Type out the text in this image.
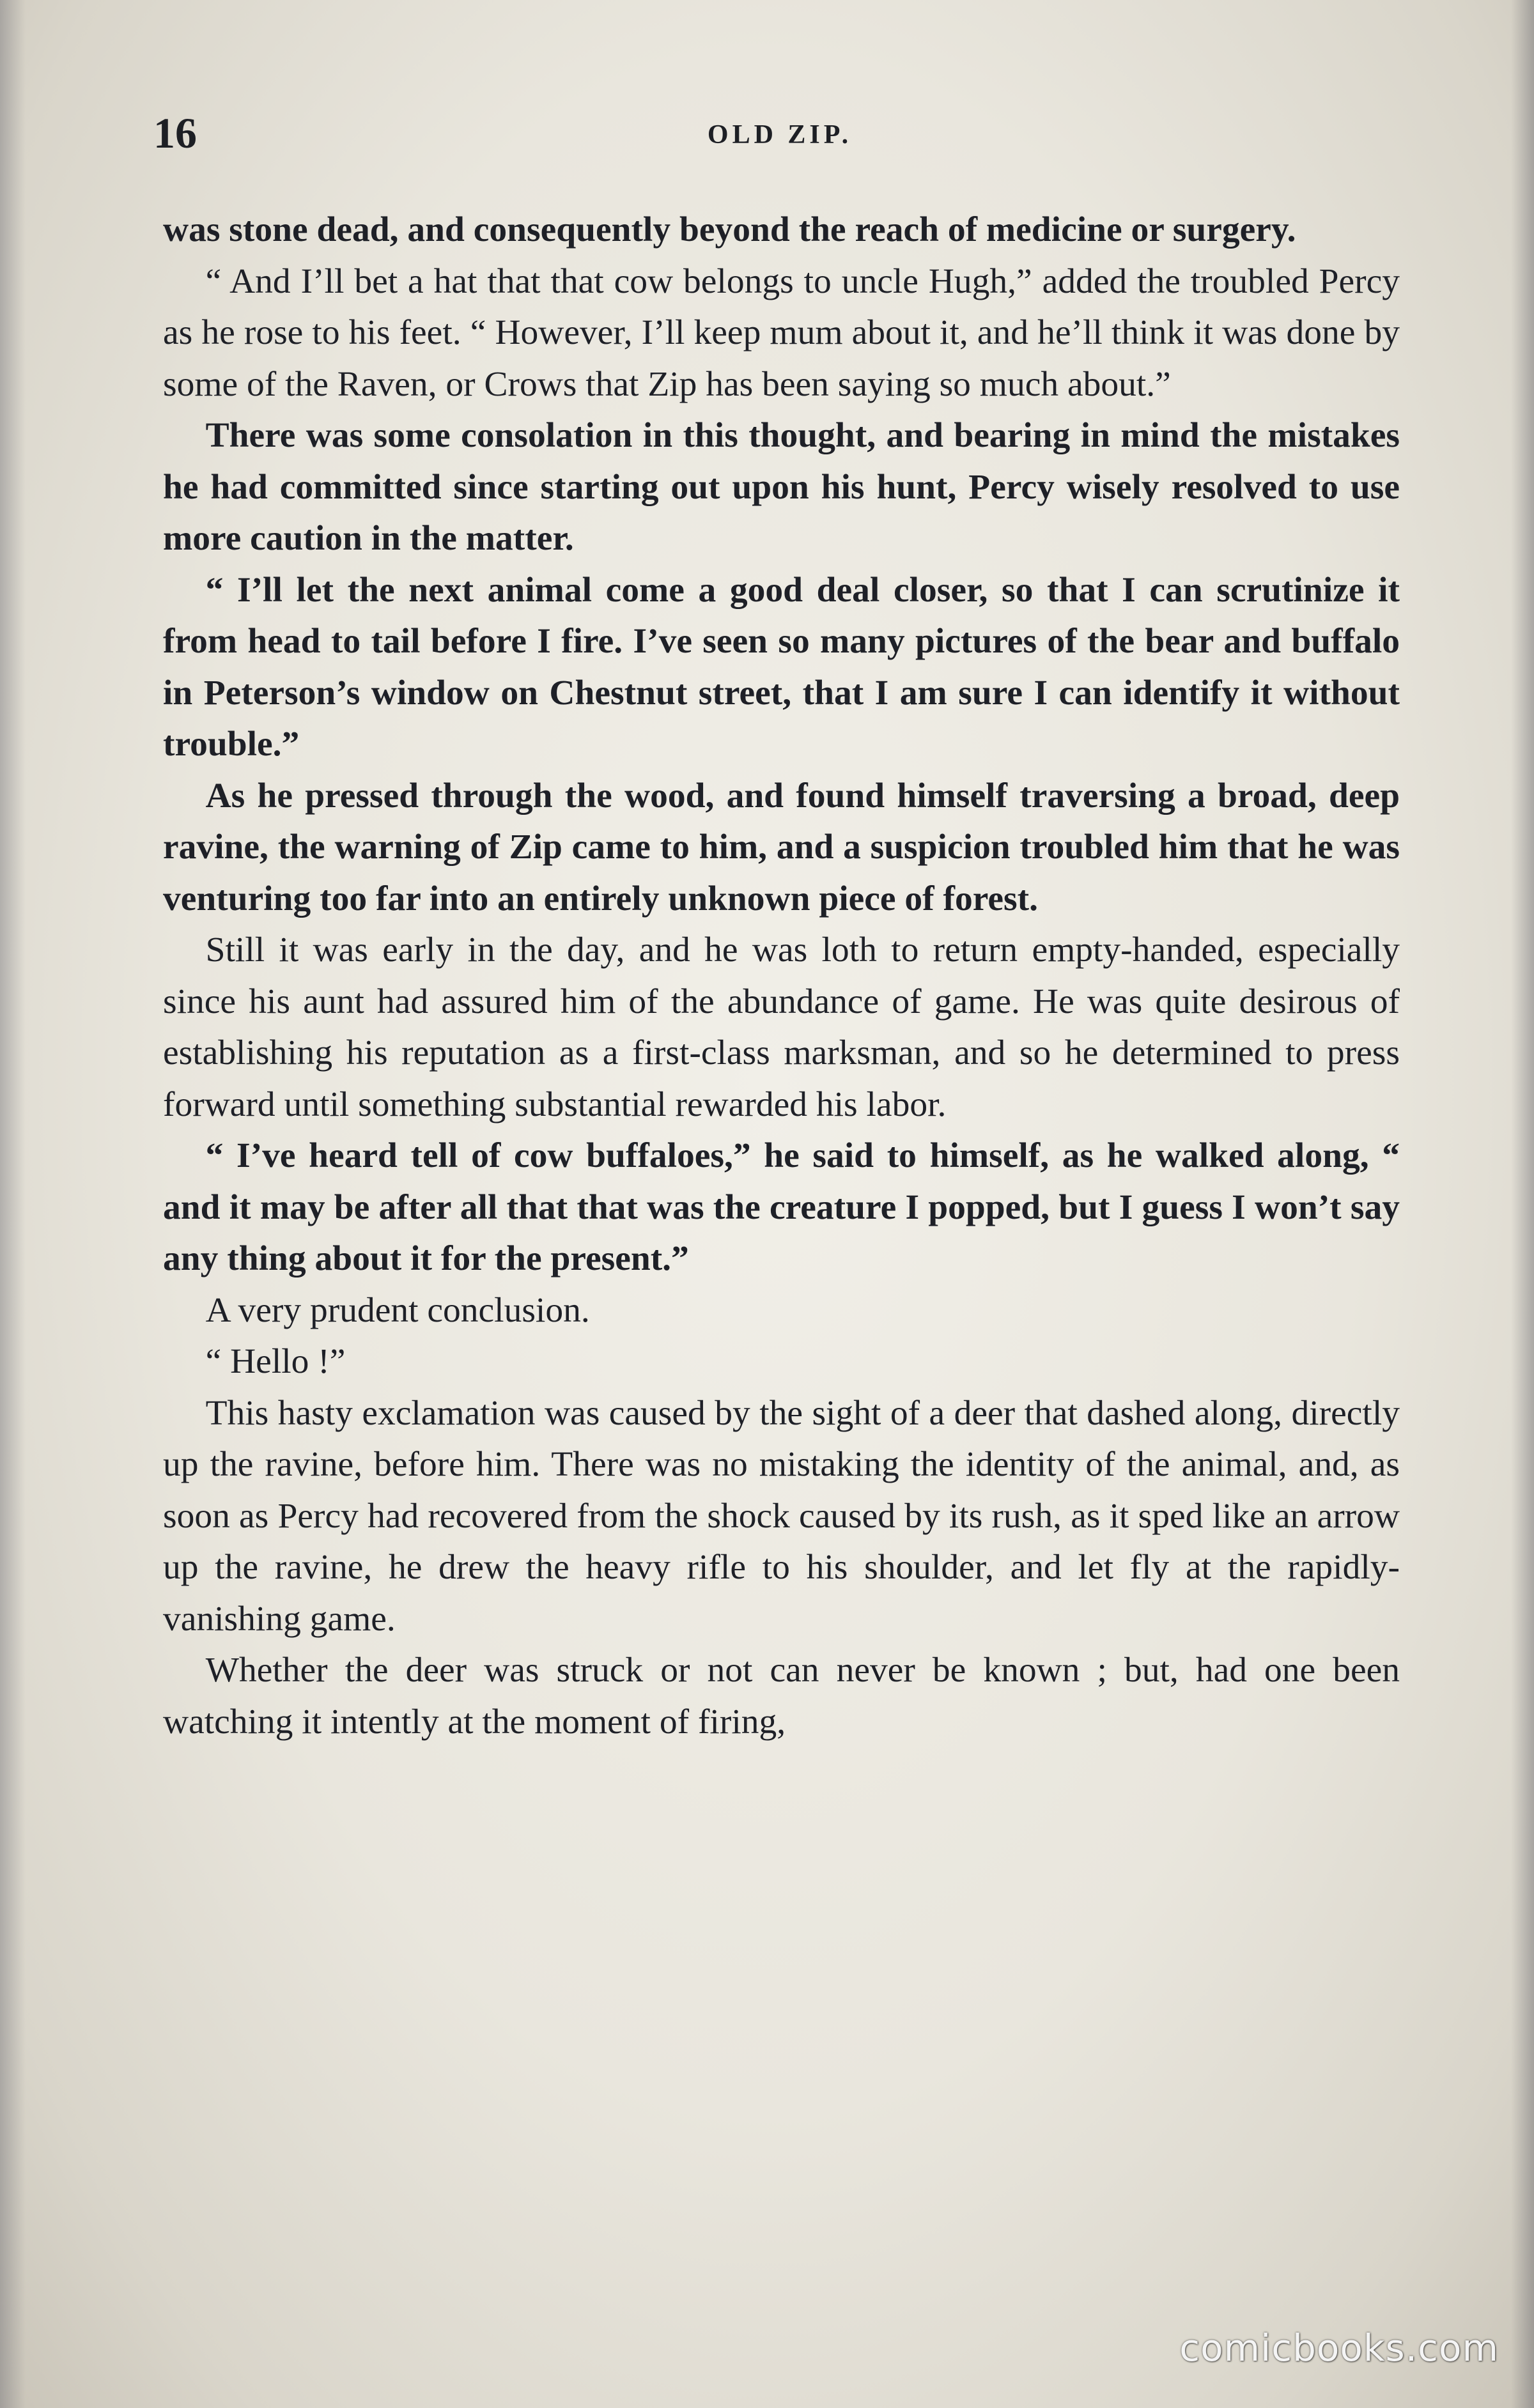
16	OLD ZIP.

was stone dead, and consequently beyond the reach of medicine or surgery.

“ And I’ll bet a hat that that cow belongs to uncle Hugh,” added the troubled Percy as he rose to his feet. “ However, I’ll keep mum about it, and he’ll think it was done by some of the Raven, or Crows that Zip has been saying so much about.”

There was some consolation in this thought, and bearing in mind the mistakes he had committed since starting out upon his hunt, Percy wisely resolved to use more caution in the matter.

“ I’ll let the next animal come a good deal closer, so that I can scrutinize it from head to tail before I fire. I’ve seen so many pictures of the bear and buffalo in Peterson’s window on Chestnut street, that I am sure I can identify it without trouble.”

As he pressed through the wood, and found himself traversing a broad, deep ravine, the warning of Zip came to him, and a suspicion troubled him that he was venturing too far into an entirely unknown piece of forest.

Still it was early in the day, and he was loth to return empty-handed, especially since his aunt had assured him of the abundance of game. He was quite desirous of establishing his reputation as a first-class marksman, and so he determined to press forward until something substantial rewarded his labor.

“ I’ve heard tell of cow buffaloes,” he said to himself, as he walked along, “ and it may be after all that that was the creature I popped, but I guess I won’t say any thing about it for the present.”

A very prudent conclusion.

“ Hello !”

This hasty exclamation was caused by the sight of a deer that dashed along, directly up the ravine, before him. There was no mistaking the identity of the animal, and, as soon as Percy had recovered from the shock caused by its rush, as it sped like an arrow up the ravine, he drew the heavy rifle to his shoulder, and let fly at the rapidly-vanishing game.

Whether the deer was struck or not can never be known ; but, had one been watching it intently at the moment of firing,

comicbooks.com
